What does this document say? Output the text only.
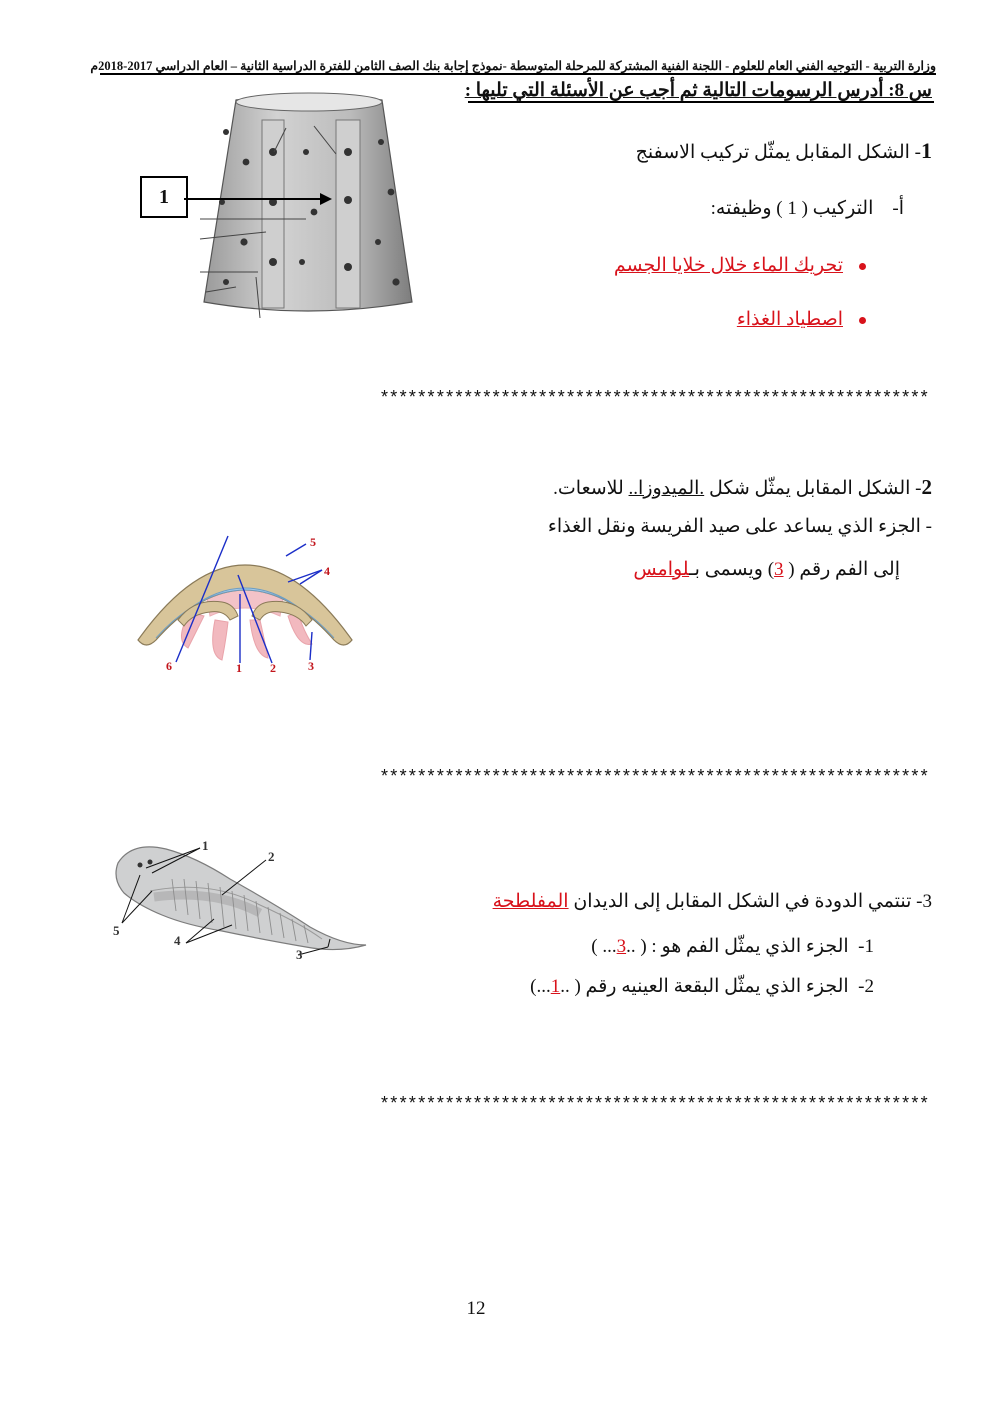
وزارة التربية - التوجيه الفني العام للعلوم - اللجنة الفنية المشتركة للمرحلة المتوسطة -نموذج إجابة بنك الصف الثامن للفترة الدراسية الثانية – العام الدراسي 2017-2018م
س 8: أدرس الرسومات التالية ثم أجب عن الأسئلة التي تليها :
1
1- الشكل المقابل يمثّل تركيب الاسفنج
أ-    التركيب ( 1 ) وظيفته:
تحريك الماء خلال خلايا الجسم
اصطياد الغذاء
***********************************************************
2- الشكل المقابل يمثّل شكل .الميدوزا.. للاسعات.
- الجزء الذي يساعد على صيد الفريسة ونقل الغذاء
إلى الفم رقم ( 3) ويسمى بـلوامس
1 2	3
4
5
6
***********************************************************
1
2
3
4
5
3- تنتمي الدودة في الشكل المقابل إلى الديدان المفلطحة
1-  الجزء الذي يمثّل الفم هو : ( ..3... )
2-  الجزء الذي يمثّل البقعة العينيه رقم ( ..1...)
***********************************************************
12
